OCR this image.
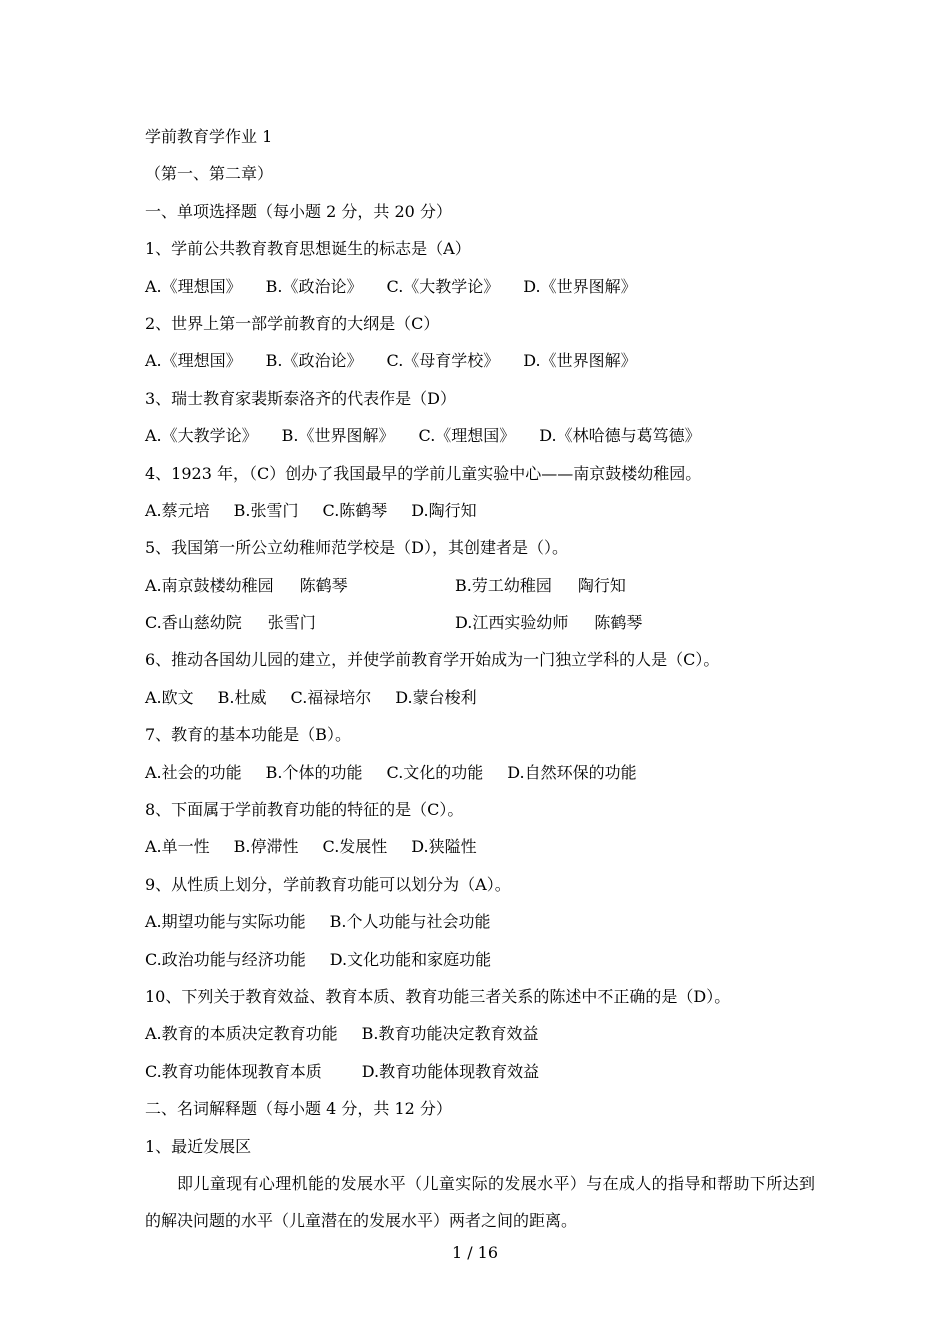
学前教育学作业 1
（第一、第二章）
一、单项选择题（每小题 2 分，共 20 分）
1、学前公共教育教育思想诞生的标志是（A）
A.《理想国》 B.《政治论》 C.《大教学论》 D.《世界图解》
2、世界上第一部学前教育的大纲是（C）
A.《理想国》 B.《政治论》 C.《母育学校》 D.《世界图解》
3、瑞士教育家裴斯泰洛齐的代表作是（D）
A.《大教学论》 B.《世界图解》 C.《理想国》 D.《林哈德与葛笃德》
4、1923 年，（C）创办了我国最早的学前儿童实验中心——南京鼓楼幼稚园。
A.蔡元培 B.张雪门 C.陈鹤琴 D.陶行知
5、我国第一所公立幼稚师范学校是（D），其创建者是（）。
A.南京鼓楼幼稚园 陈鹤琴	B.劳工幼稚园 陶行知
C.香山慈幼院 张雪门	D.江西实验幼师 陈鹤琴
6、推动各国幼儿园的建立，并使学前教育学开始成为一门独立学科的人是（C）。
A.欧文 B.杜威 C.福禄培尔 D.蒙台梭利
7、教育的基本功能是（B）。
A.社会的功能 B.个体的功能 C.文化的功能 D.自然环保的功能
8、下面属于学前教育功能的特征的是（C）。
A.单一性 B.停滞性 C.发展性 D.狭隘性
9、从性质上划分，学前教育功能可以划分为（A）。
A.期望功能与实际功能 B.个人功能与社会功能
C.政治功能与经济功能 D.文化功能和家庭功能
10、下列关于教育效益、教育本质、教育功能三者关系的陈述中不正确的是（D）。
A.教育的本质决定教育功能 B.教育功能决定教育效益
C.教育功能体现教育本质	D.教育功能体现教育效益
二、名词解释题（每小题 4 分，共 12 分）
1、最近发展区
即儿童现有心理机能的发展水平（儿童实际的发展水平）与在成人的指导和帮助下所达到的解决问题的水平（儿童潜在的发展水平）两者之间的距离。
1 / 16
